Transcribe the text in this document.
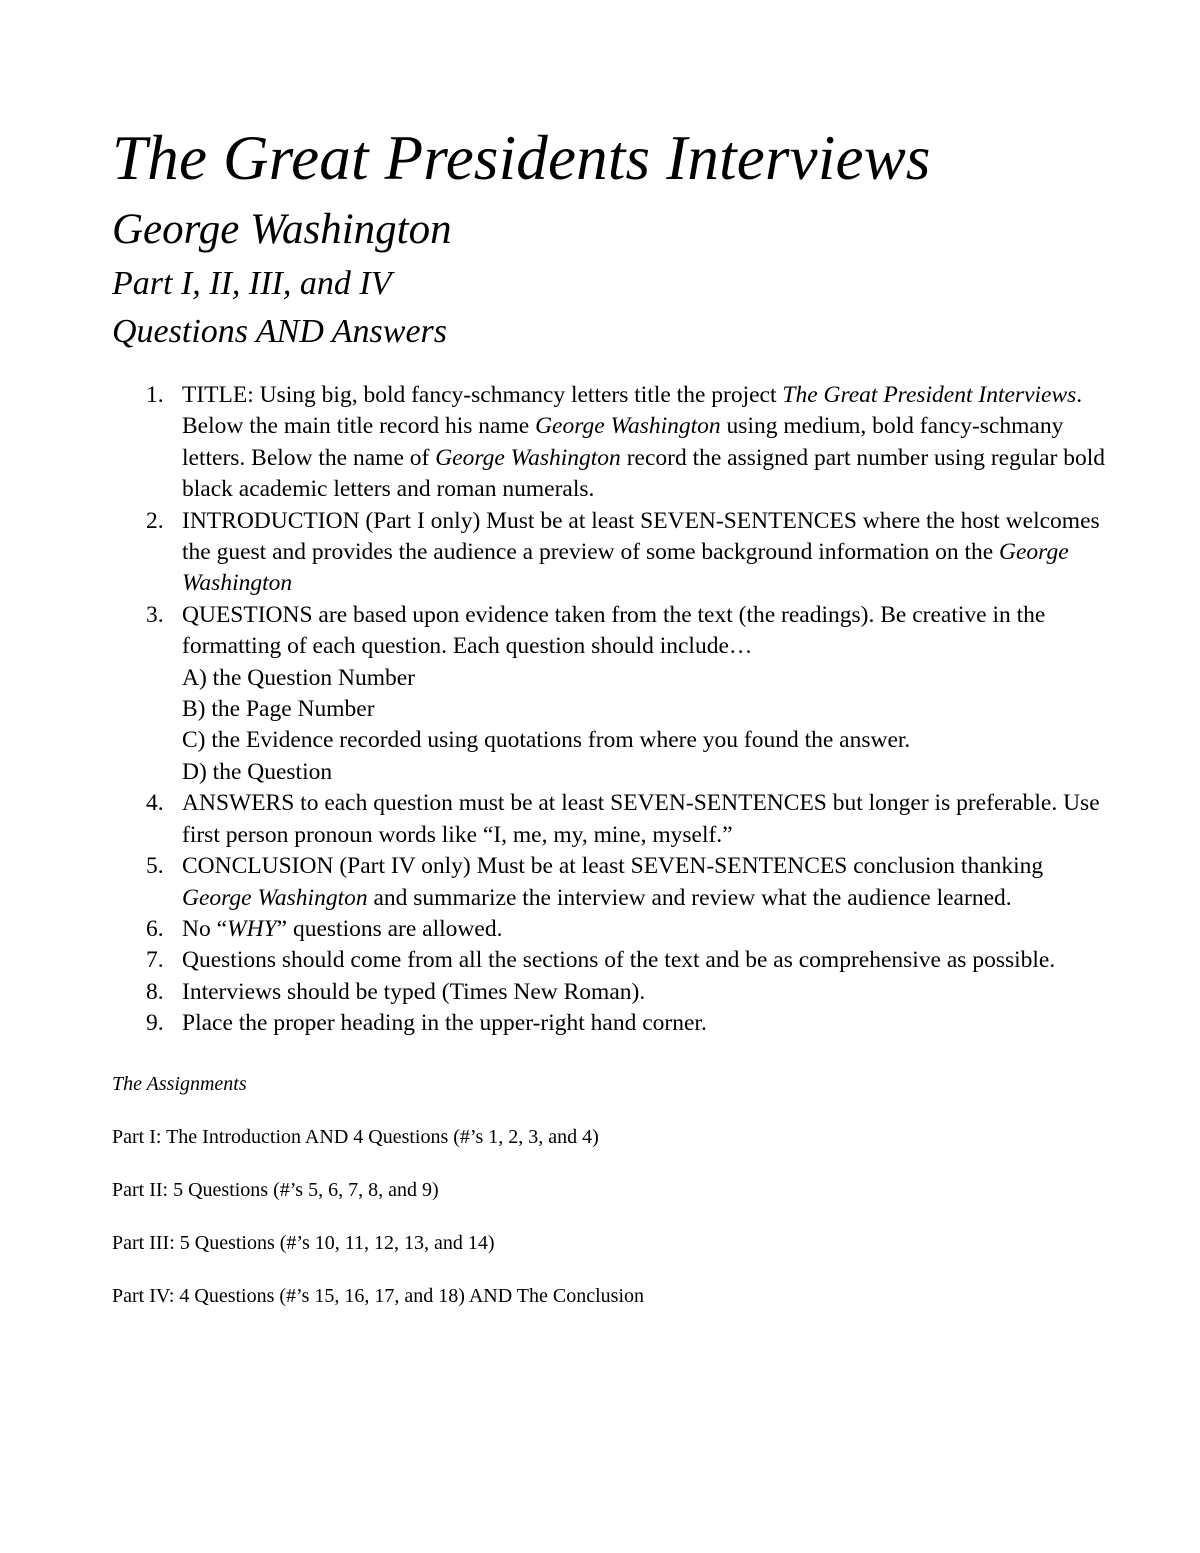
The Great Presidents Interviews
George Washington
Part I, II, III, and IV
Questions AND Answers
1. TITLE: Using big, bold fancy-schmancy letters title the project The Great President Interviews. Below the main title record his name George Washington using medium, bold fancy-schmany letters. Below the name of George Washington record the assigned part number using regular bold black academic letters and roman numerals.
2. INTRODUCTION (Part I only) Must be at least SEVEN-SENTENCES where the host welcomes the guest and provides the audience a preview of some background information on the George Washington
3. QUESTIONS are based upon evidence taken from the text (the readings). Be creative in the formatting of each question. Each question should include…
A) the Question Number
B) the Page Number
C) the Evidence recorded using quotations from where you found the answer.
D) the Question
4. ANSWERS to each question must be at least SEVEN-SENTENCES but longer is preferable. Use first person pronoun words like “I, me, my, mine, myself.”
5. CONCLUSION (Part IV only) Must be at least SEVEN-SENTENCES conclusion thanking George Washington and summarize the interview and review what the audience learned.
6. No “WHY” questions are allowed.
7. Questions should come from all the sections of the text and be as comprehensive as possible.
8. Interviews should be typed (Times New Roman).
9. Place the proper heading in the upper-right hand corner.
The Assignments
Part I: The Introduction AND 4 Questions (#’s 1, 2, 3, and 4)
Part II: 5 Questions (#’s 5, 6, 7, 8, and 9)
Part III: 5 Questions (#’s 10, 11, 12, 13, and 14)
Part IV: 4 Questions (#’s 15, 16, 17, and 18) AND The Conclusion
